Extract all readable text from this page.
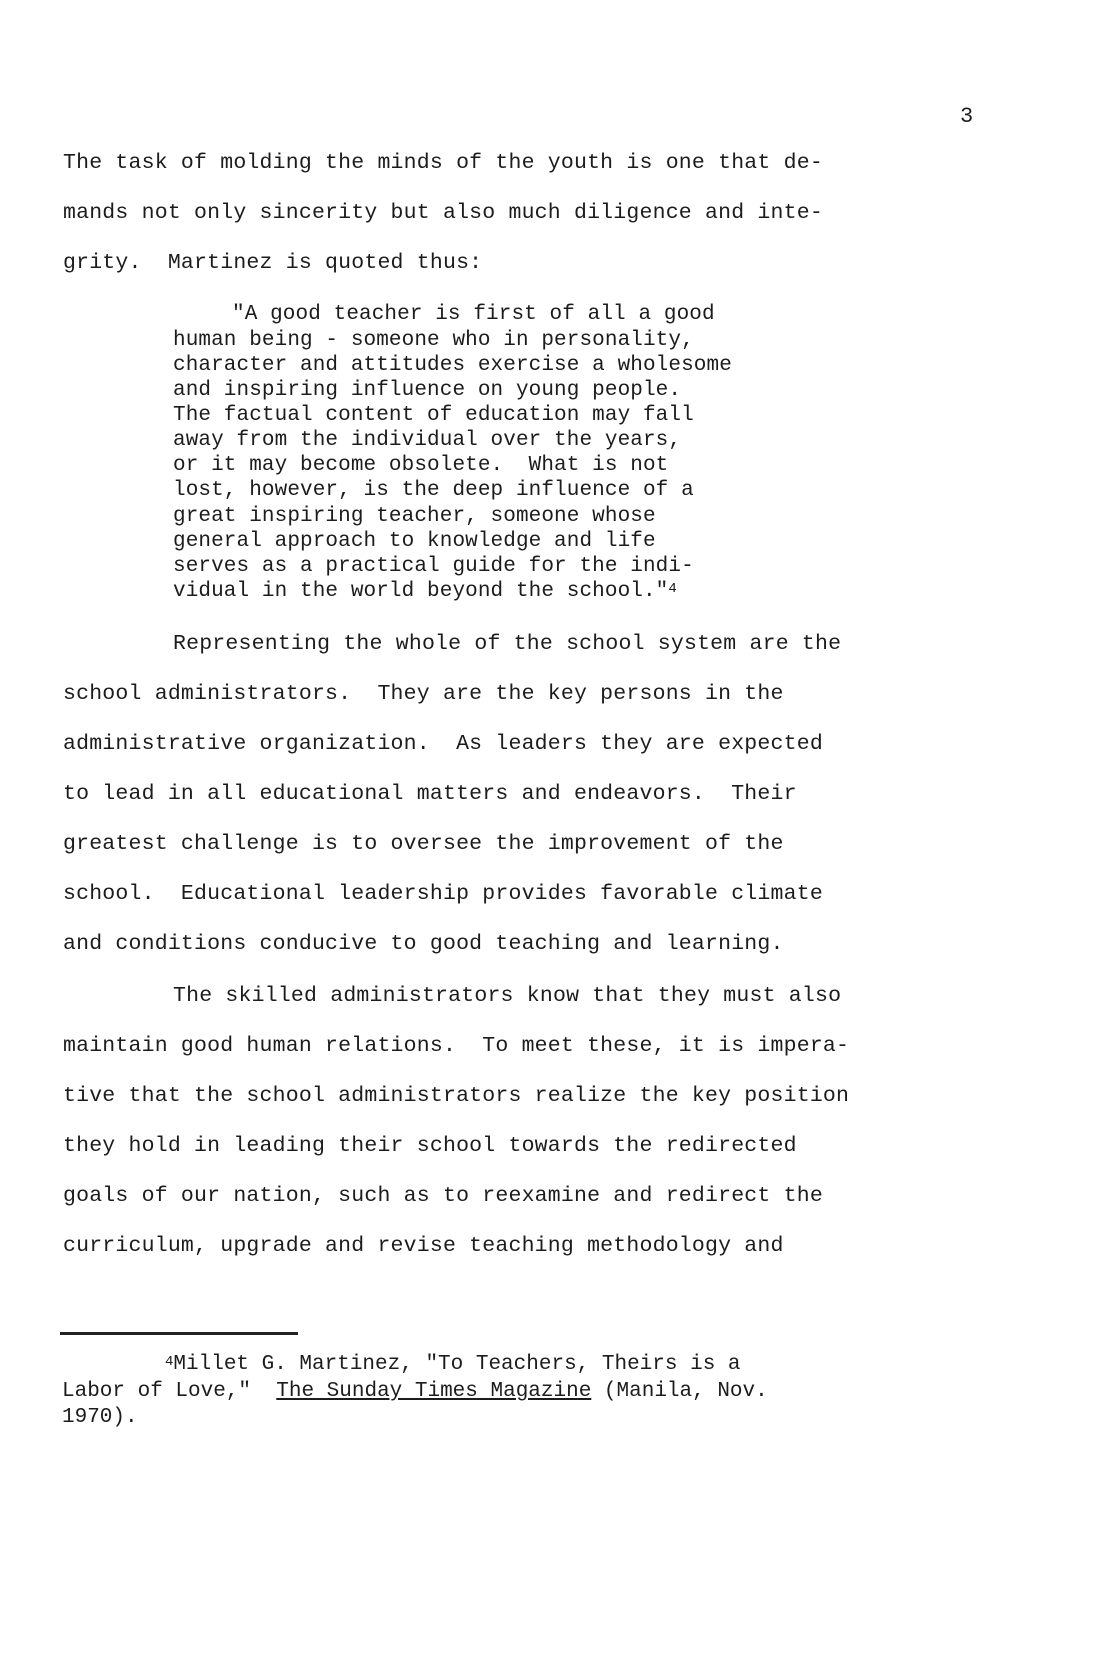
3
The task of molding the minds of the youth is one that de-
mands not only sincerity but also much diligence and inte-
grity.  Martinez is quoted thus:
"A good teacher is first of all a good
human being - someone who in personality,
character and attitudes exercise a wholesome
and inspiring influence on young people.
The factual content of education may fall
away from the individual over the years,
or it may become obsolete.  What is not
lost, however, is the deep influence of a
great inspiring teacher, someone whose
general approach to knowledge and life
serves as a practical guide for the indi-
vidual in the world beyond the school."$^4$
Representing the whole of the school system are the
school administrators.  They are the key persons in the
administrative organization.  As leaders they are expected
to lead in all educational matters and endeavors.  Their
greatest challenge is to oversee the improvement of the
school.  Educational leadership provides favorable climate
and conditions conducive to good teaching and learning.
The skilled administrators know that they must also
maintain good human relations.  To meet these, it is impera-
tive that the school administrators realize the key position
they hold in leading their school towards the redirected
goals of our nation, such as to reexamine and redirect the
curriculum, upgrade and revise teaching methodology and
$^4$Millet G. Martinez, "To Teachers, Theirs is a
Labor of Love,"  The Sunday Times Magazine (Manila, Nov.
1970).
